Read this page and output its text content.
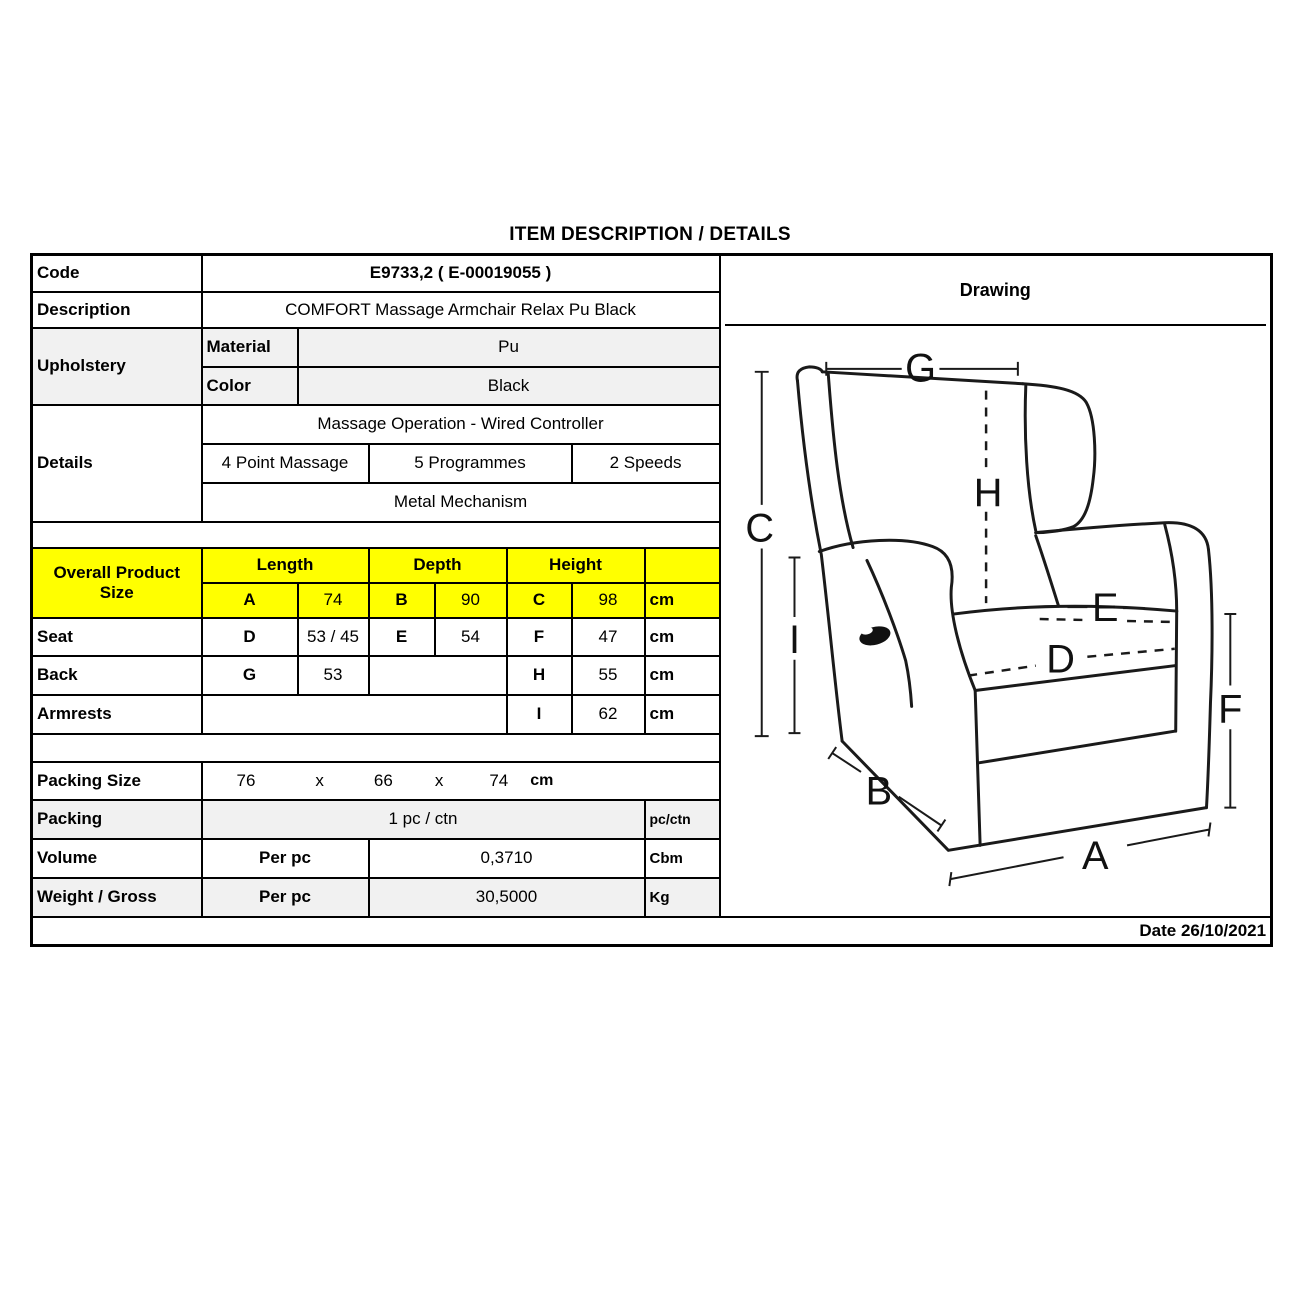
ITEM DESCRIPTION / DETAILS
Code	E9733,2 ( E-00019055 )	
Drawing
G
C
I
H
E
D
F
B
A

Description	COMFORT Massage Armchair Relax Pu Black							
Upholstery	Material	Pu						
	Color	Black						
Details	Massage Operation - Wired Controller							
	4 Point Massage		5 Programmes			2 Speeds		
	Metal Mechanism							

Overall Product Size	Length		Depth		Height			
	A	74	B	90	C	98	cm	
Seat	D	53 / 45	E	54	F	47	cm	
Back	G	53			H	55	cm	
Armrests					I	62	cm	

Packing Size	76	x	66 x	74 cm

Packing	1 pc / ctn						pc/ctn	
Volume	Per pc		0,3710				Cbm	
Weight / Gross	Per pc		30,5000				Kg	
Date 26/10/2021								
